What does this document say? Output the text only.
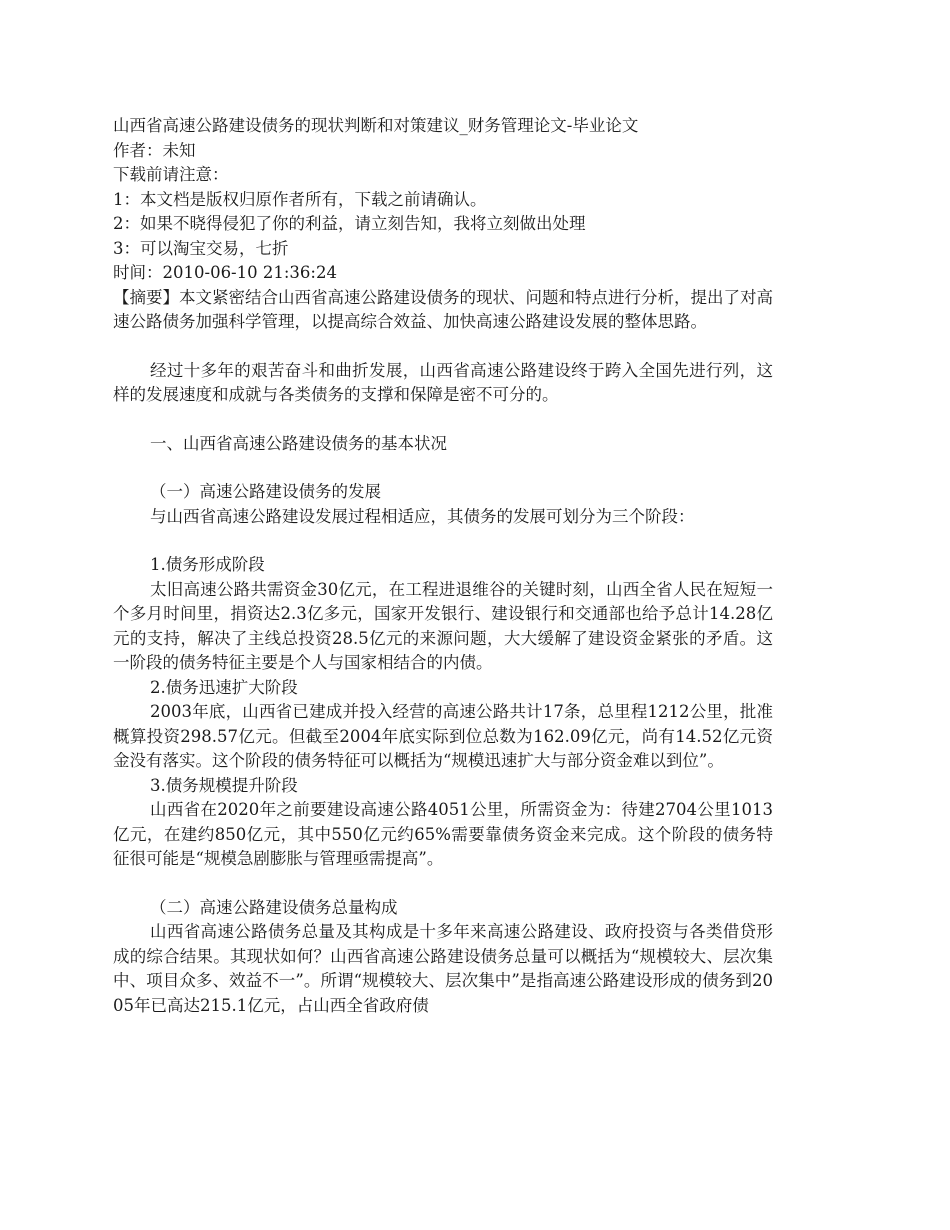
山西省高速公路建设债务的现状判断和对策建议_财务管理论文-毕业论文
作者：未知
下载前请注意：
1：本文档是版权归原作者所有，下载之前请确认。
2：如果不晓得侵犯了你的利益，请立刻告知，我将立刻做出处理
3：可以淘宝交易，七折
时间：2010-06-10 21:36:24
【摘要】本文紧密结合山西省高速公路建设债务的现状、问题和特点进行分析，提出了对高速公路债务加强科学管理，以提高综合效益、加快高速公路建设发展的整体思路。
经过十多年的艰苦奋斗和曲折发展，山西省高速公路建设终于跨入全国先进行列，这样的发展速度和成就与各类债务的支撑和保障是密不可分的。
一、山西省高速公路建设债务的基本状况
（一）高速公路建设债务的发展
与山西省高速公路建设发展过程相适应，其债务的发展可划分为三个阶段：
1.债务形成阶段
太旧高速公路共需资金30亿元，在工程进退维谷的关键时刻，山西全省人民在短短一个多月时间里，捐资达2.3亿多元，国家开发银行、建设银行和交通部也给予总计14.28亿元的支持，解决了主线总投资28.5亿元的来源问题，大大缓解了建设资金紧张的矛盾。这一阶段的债务特征主要是个人与国家相结合的内债。
2.债务迅速扩大阶段
2003年底，山西省已建成并投入经营的高速公路共计17条，总里程1212公里，批准概算投资298.57亿元。但截至2004年底实际到位总数为162.09亿元，尚有14.52亿元资金没有落实。这个阶段的债务特征可以概括为“规模迅速扩大与部分资金难以到位”。
3.债务规模提升阶段
山西省在2020年之前要建设高速公路4051公里，所需资金为：待建2704公里1013亿元，在建约850亿元，其中550亿元约65%需要靠债务资金来完成。这个阶段的债务特征很可能是“规模急剧膨胀与管理亟需提高”。
（二）高速公路建设债务总量构成
山西省高速公路债务总量及其构成是十多年来高速公路建设、政府投资与各类借贷形成的综合结果。其现状如何？山西省高速公路建设债务总量可以概括为“规模较大、层次集中、项目众多、效益不一”。所谓“规模较大、层次集中”是指高速公路建设形成的债务到2005年已高达215.1亿元，占山西全省政府债
